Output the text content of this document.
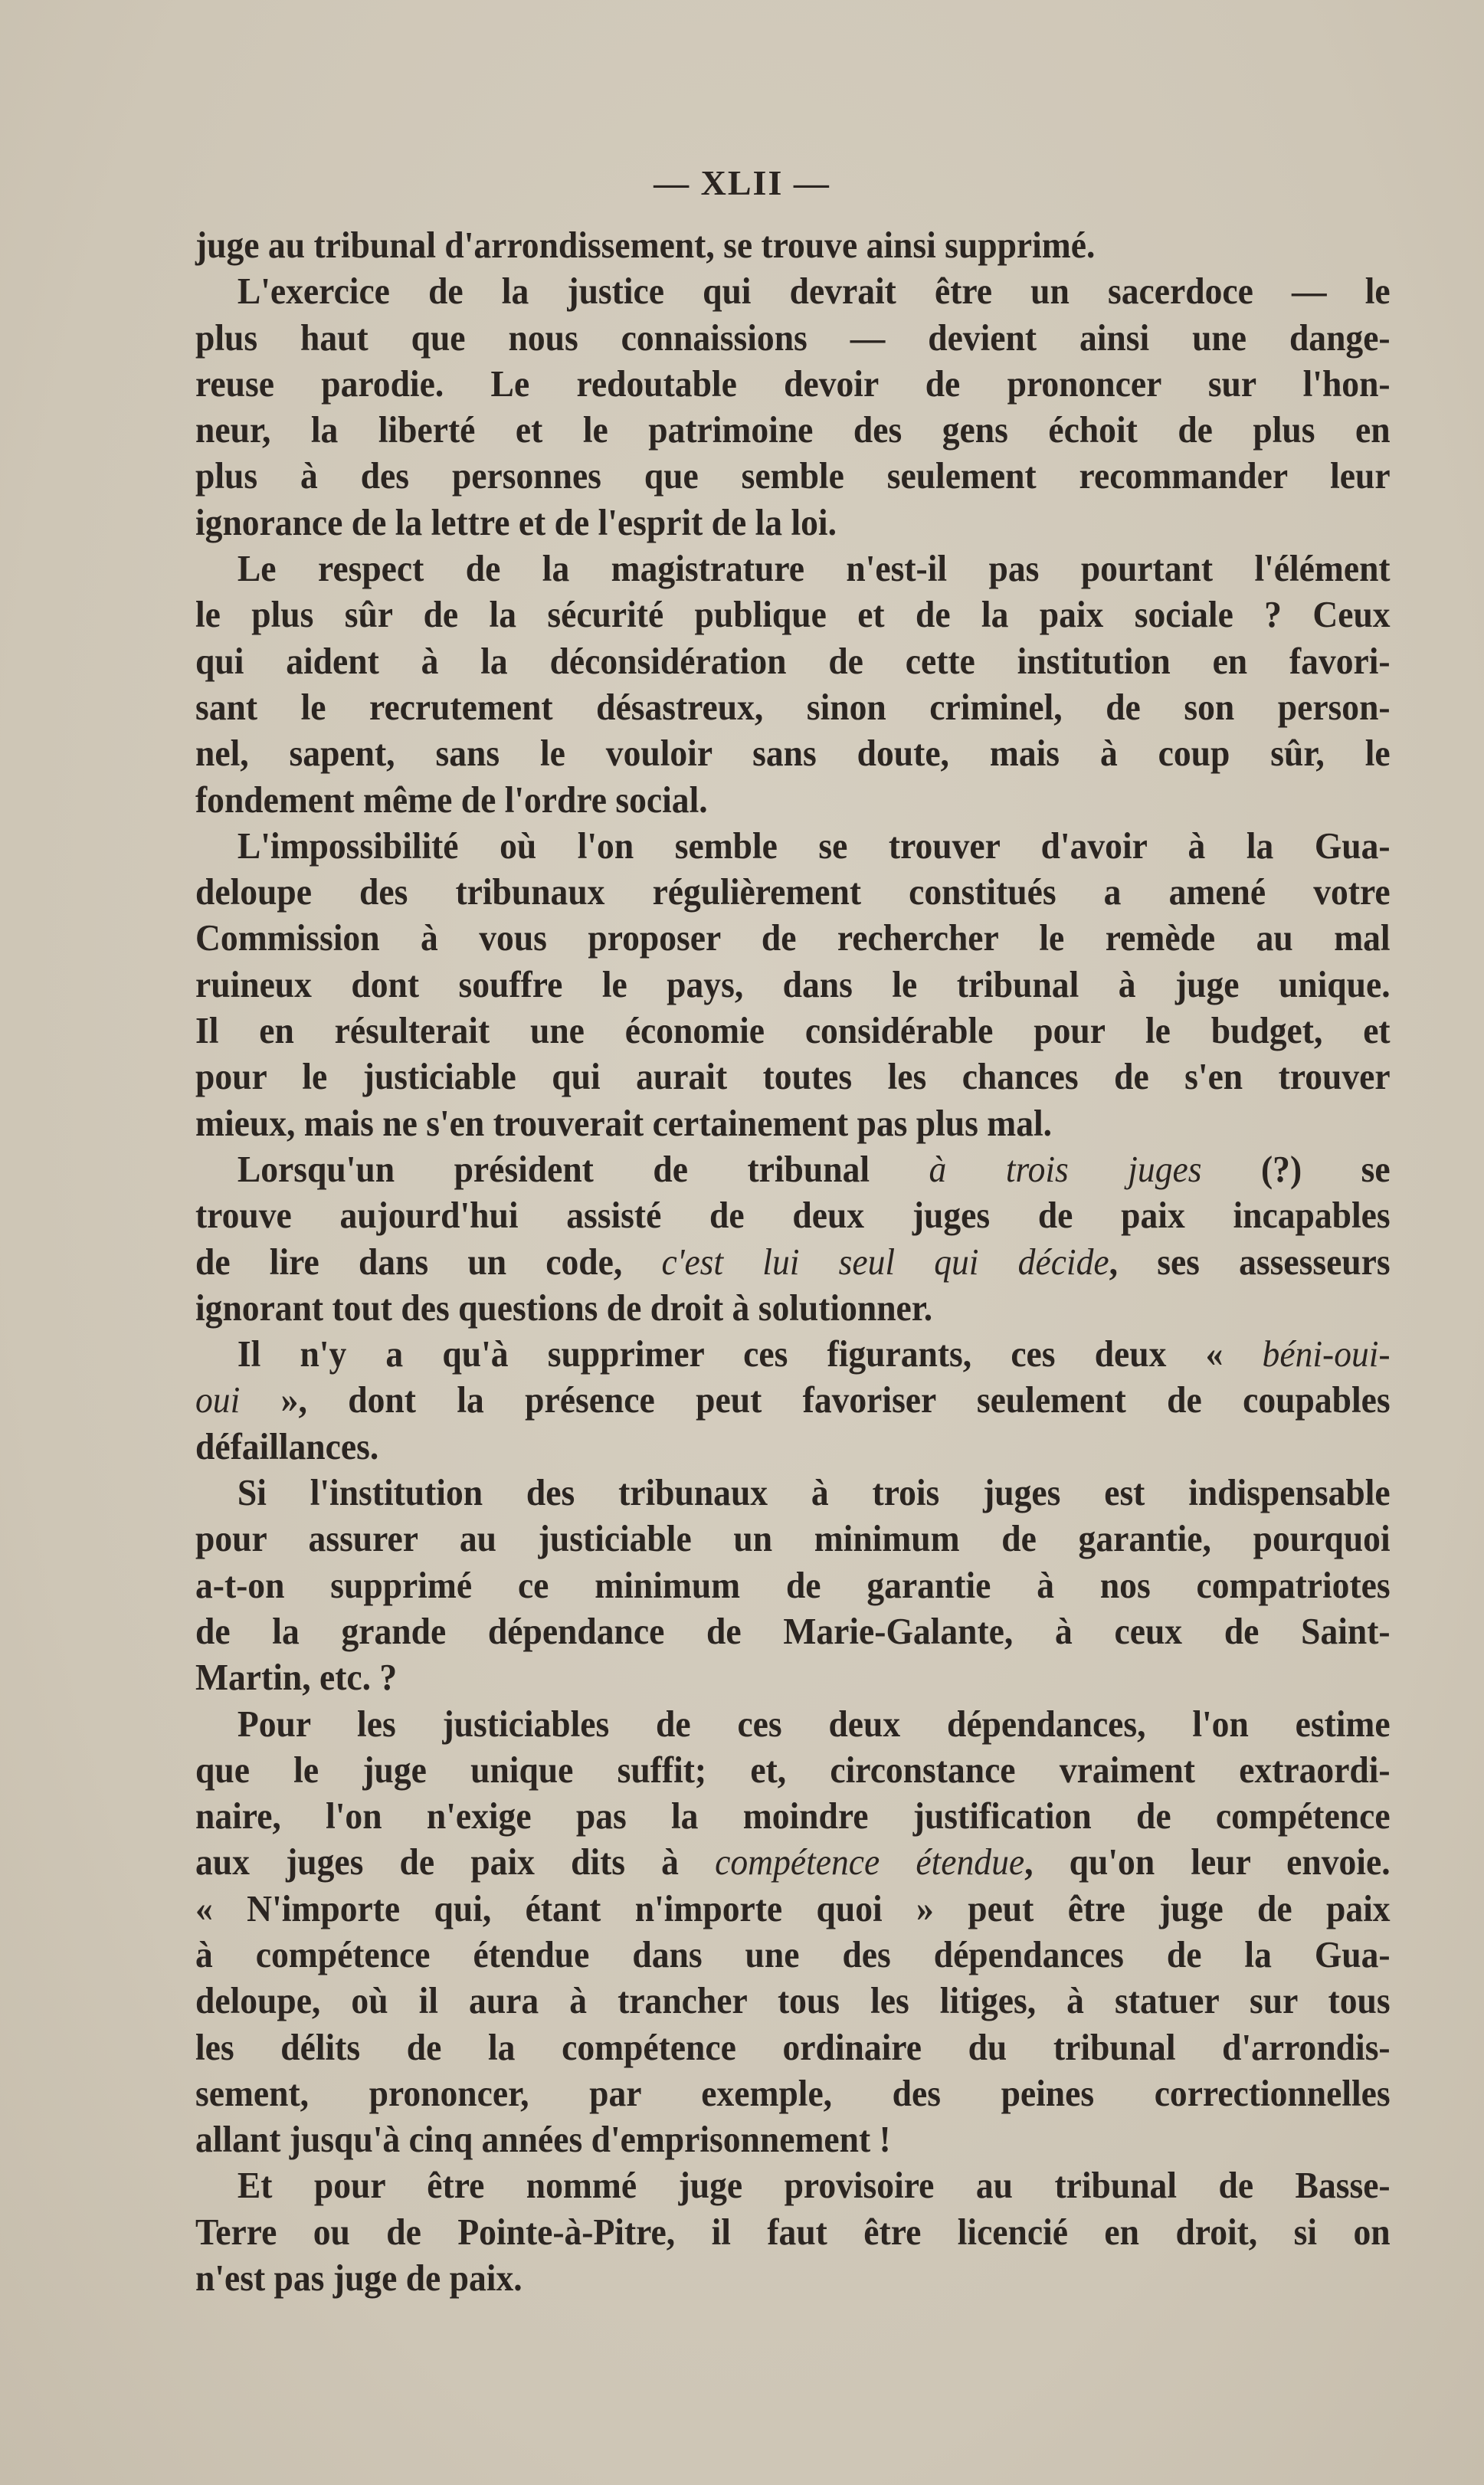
— XLII —
juge au tribunal d'arrondissement, se trouve ainsi supprimé.
L'exercice de la justice qui devrait être un sacerdoce — le
plus haut que nous connaissions — devient ainsi une dange-
reuse parodie. Le redoutable devoir de prononcer sur l'hon-
neur, la liberté et le patrimoine des gens échoit de plus en
plus à des personnes que semble seulement recommander leur
ignorance de la lettre et de l'esprit de la loi.
Le respect de la magistrature n'est-il pas pourtant l'élément
le plus sûr de la sécurité publique et de la paix sociale ? Ceux
qui aident à la déconsidération de cette institution en favori-
sant le recrutement désastreux, sinon criminel, de son person-
nel, sapent, sans le vouloir sans doute, mais à coup sûr, le
fondement même de l'ordre social.
L'impossibilité où l'on semble se trouver d'avoir à la Gua-
deloupe des tribunaux régulièrement constitués a amené votre
Commission à vous proposer de rechercher le remède au mal
ruineux dont souffre le pays, dans le tribunal à juge unique.
Il en résulterait une économie considérable pour le budget, et
pour le justiciable qui aurait toutes les chances de s'en trouver
mieux, mais ne s'en trouverait certainement pas plus mal.
Lorsqu'un président de tribunal à trois juges (?) se
trouve aujourd'hui assisté de deux juges de paix incapables
de lire dans un code, c'est lui seul qui décide, ses assesseurs
ignorant tout des questions de droit à solutionner.
Il n'y a qu'à supprimer ces figurants, ces deux « béni-oui-
oui », dont la présence peut favoriser seulement de coupables
défaillances.
Si l'institution des tribunaux à trois juges est indispensable
pour assurer au justiciable un minimum de garantie, pourquoi
a-t-on supprimé ce minimum de garantie à nos compatriotes
de la grande dépendance de Marie-Galante, à ceux de Saint-
Martin, etc. ?
Pour les justiciables de ces deux dépendances, l'on estime
que le juge unique suffit; et, circonstance vraiment extraordi-
naire, l'on n'exige pas la moindre justification de compétence
aux juges de paix dits à compétence étendue, qu'on leur envoie.
« N'importe qui, étant n'importe quoi » peut être juge de paix
à compétence étendue dans une des dépendances de la Gua-
deloupe, où il aura à trancher tous les litiges, à statuer sur tous
les délits de la compétence ordinaire du tribunal d'arrondis-
sement, prononcer, par exemple, des peines correctionnelles
allant jusqu'à cinq années d'emprisonnement !
Et pour être nommé juge provisoire au tribunal de Basse-
Terre ou de Pointe-à-Pitre, il faut être licencié en droit, si on
n'est pas juge de paix.
